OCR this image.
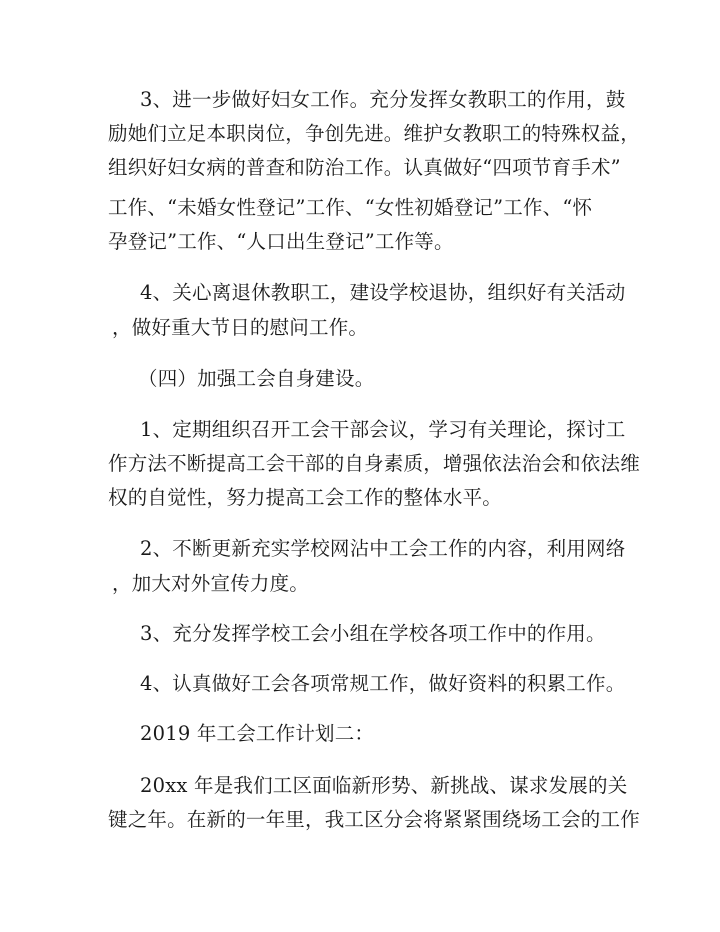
3、进一步做好妇女工作。充分发挥女教职工的作用，鼓
励她们立足本职岗位，争创先进。维护女教职工的特殊权益，
组织好妇女病的普查和防治工作。认真做好“四项节育手术”
工作、“未婚女性登记”工作、“女性初婚登记”工作、“怀
孕登记”工作、“人口出生登记”工作等。
4、关心离退休教职工，建设学校退协，组织好有关活动
，做好重大节日的慰问工作。
（四）加强工会自身建设。
1、定期组织召开工会干部会议，学习有关理论，探讨工
作方法不断提高工会干部的自身素质，增强依法治会和依法维
权的自觉性，努力提高工会工作的整体水平。
2、不断更新充实学校网沾中工会工作的内容，利用网络
，加大对外宣传力度。
3、充分发挥学校工会小组在学校各项工作中的作用。
4、认真做好工会各项常规工作，做好资料的积累工作。
2019 年工会工作计划二：
20xx 年是我们工区面临新形势、新挑战、谋求发展的关
键之年。在新的一年里，我工区分会将紧紧围绕场工会的工作
